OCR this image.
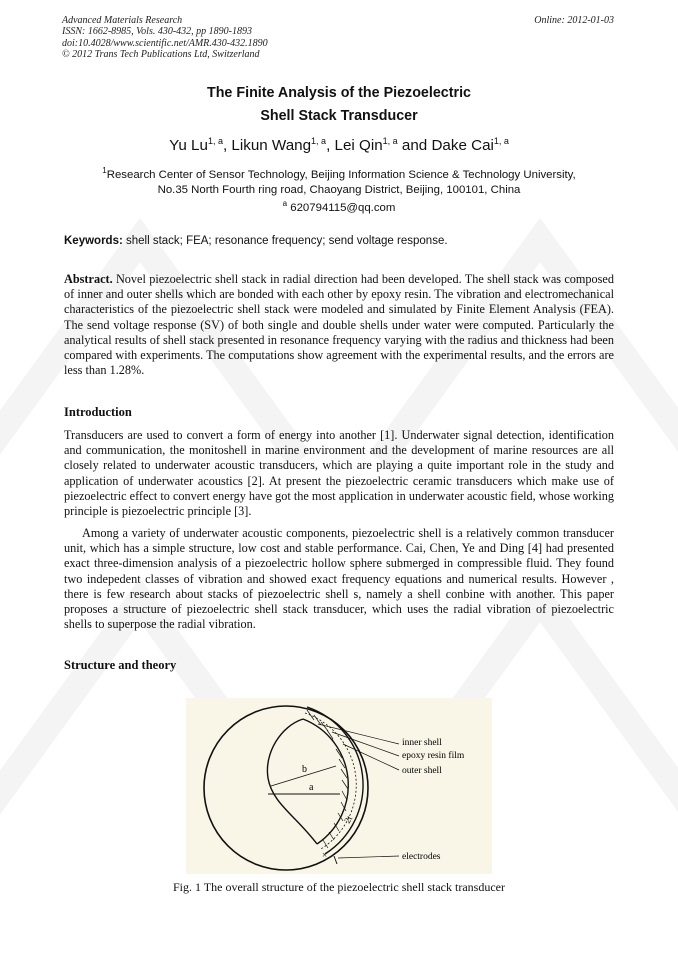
Advanced Materials Research
ISSN: 1662-8985, Vols. 430-432, pp 1890-1893
doi:10.4028/www.scientific.net/AMR.430-432.1890
© 2012 Trans Tech Publications Ltd, Switzerland
Online: 2012-01-03
The Finite Analysis of the Piezoelectric
Shell Stack Transducer
Yu Lu$^{1, a}$, Likun Wang$^{1, a}$, Lei Qin$^{1, a}$ and Dake Cai$^{1, a}$
$^1$Research Center of Sensor Technology, Beijing Information Science & Technology University,
No.35 North Fourth ring road, Chaoyang District, Beijing, 100101, China
$^a$ 620794115@qq.com
Keywords: shell stack; FEA; resonance frequency; send voltage response.
Abstract. Novel piezoelectric shell stack in radial direction had been developed. The shell stack was composed of inner and outer shells which are bonded with each other by epoxy resin. The vibration and electromechanical characteristics of the piezoelectric shell stack were modeled and simulated by Finite Element Analysis (FEA). The send voltage response (SV) of both single and double shells under water were computed. Particularly the analytical results of shell stack presented in resonance frequency varying with the radius and thickness had been compared with experiments. The computations show agreement with the experimental results, and the errors are less than 1.28%.
Introduction
Transducers are used to convert a form of energy into another [1]. Underwater signal detection, identification and communication, the monitoshell in marine environment and the development of marine resources are all closely related to underwater acoustic transducers, which are playing a quite important role in the study and application of underwater acoustics [2]. At present the piezoelectric ceramic transducers which make use of piezoelectric effect to convert energy have got the most application in underwater acoustic field, whose working principle is piezoelectric principle [3].
Among a variety of underwater acoustic components, piezoelectric shell is a relatively common transducer unit, which has a simple structure, low cost and stable performance. Cai, Chen, Ye and Ding [4] had presented exact three-dimension analysis of a piezoelectric hollow sphere submerged in compressible fluid. They found two indepedent classes of vibration and showed exact frequency equations and numerical results. However , there is few research about stacks of piezoelectric shell s, namely a shell conbine with another. This paper proposes a structure of piezoelectric shell stack transducer, which uses the radial vibration of piezoelectric shells to superpose the radial vibration.
Structure and theory
b
a
2t
×
inner shell
epoxy resin film
outer shell
electrodes
Fig. 1 The overall structure of the piezoelectric shell stack transducer
